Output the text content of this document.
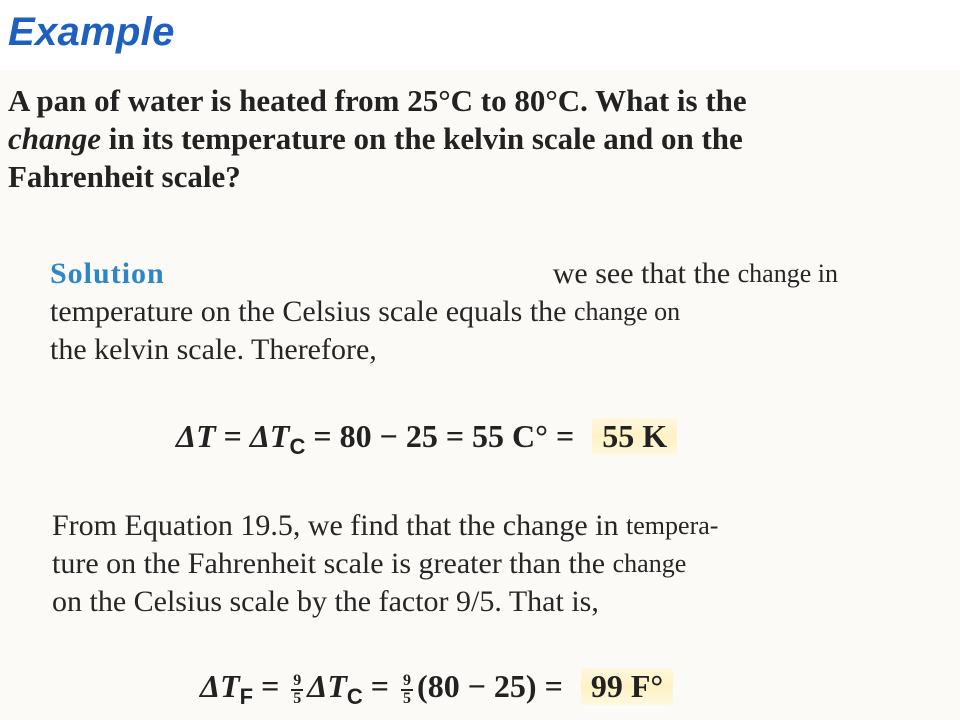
Example
A pan of water is heated from 25°C to 80°C. What is the
change in its temperature on the kelvin scale and on the
Fahrenheit scale?
Solution	we see that the change in
temperature on the Celsius scale equals the change on
the kelvin scale. Therefore,
$\Delta T = \Delta T_C = 80 - 25 = 55$ C° = 55 K
From Equation 19.5, we find that the change in tempera-
ture on the Fahrenheit scale is greater than the change
on the Celsius scale by the factor 9/5. That is,
$\Delta T_F = \frac{9}{5} \Delta T_C = \frac{9}{5} (80 - 25) = 99$ F°
